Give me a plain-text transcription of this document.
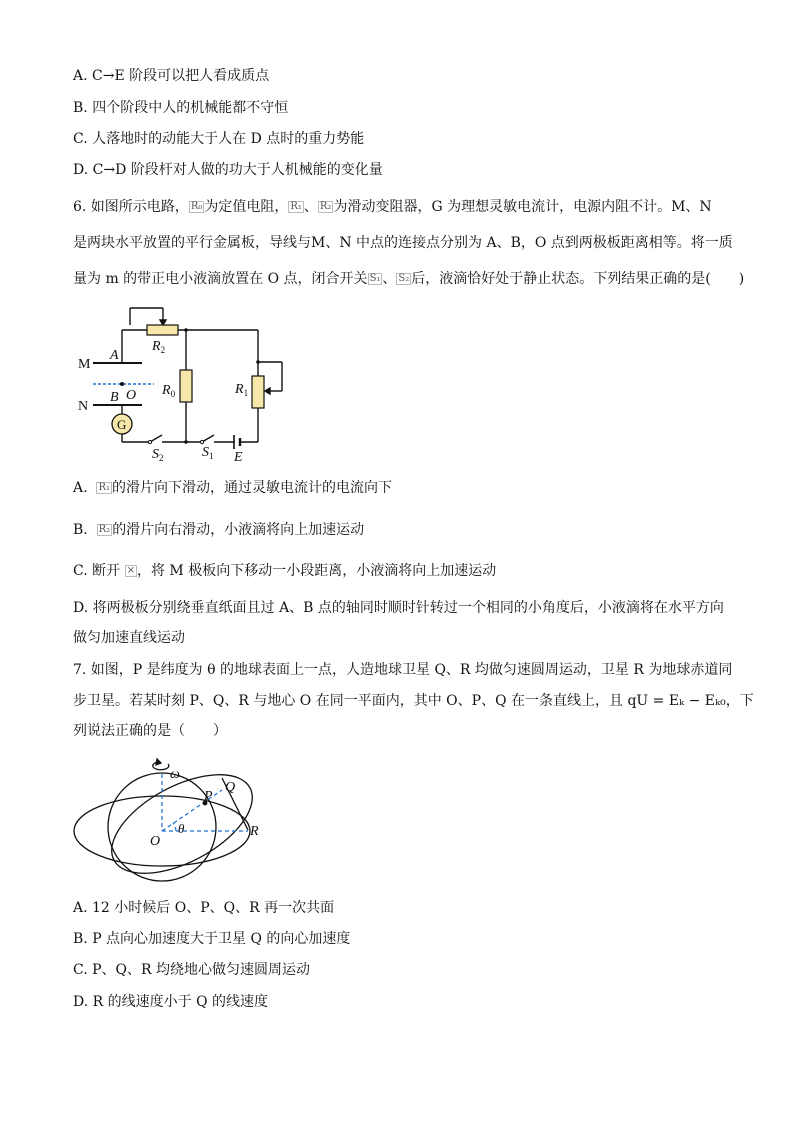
A. C→E 阶段可以把人看成质点
B. 四个阶段中人的机械能都不守恒
C. 人落地时的动能大于人在 D 点时的重力势能
D. C→D 阶段杆对人做的功大于人机械能的变化量
6. 如图所示电路， R₀ 为定值电阻， R₁ 、 R₂ 为滑动变阻器，G 为理想灵敏电流计，电源内阻不计。M、N
是两块水平放置的平行金属板，导线与M、N 中点的连接点分别为 A、B，O 点到两极板距离相等。将一质
量为 m 的带正电小液滴放置在 O 点，闭合开关 S₁ 、 S₂ 后，液滴恰好处于静止状态。下列结果正确的是(　　)
M
N
A
B O
G
$R_2$
$R_0$	$R_1$
$S_2$	$S_1$ E
A.  R₁ 的滑片向下滑动，通过灵敏电流计的电流向下
B.  R₂ 的滑片向右滑动，小液滴将向上加速运动
C. 断开 × ，将 M 极板向下移动一小段距离，小液滴将向上加速运动
D. 将两极板分别绕垂直纸面且过 A、B 点的轴同时顺时针转过一个相同的小角度后，小液滴将在水平方向
做匀加速直线运动
7. 如图，P 是纬度为 θ 的地球表面上一点，人造地球卫星 Q、R 均做匀速圆周运动，卫星 R 为地球赤道同
步卫星。若某时刻 P、Q、R 与地心 O 在同一平面内，其中 O、P、Q 在一条直线上，且 qU = Eₖ − Eₖ₀，下
列说法正确的是（　　）
ω
P
Q
O
R
θ
A. 12 小时候后 O、P、Q、R 再一次共面
B. P 点向心加速度大于卫星 Q 的向心加速度
C. P、Q、R 均绕地心做匀速圆周运动
D. R 的线速度小于 Q 的线速度
